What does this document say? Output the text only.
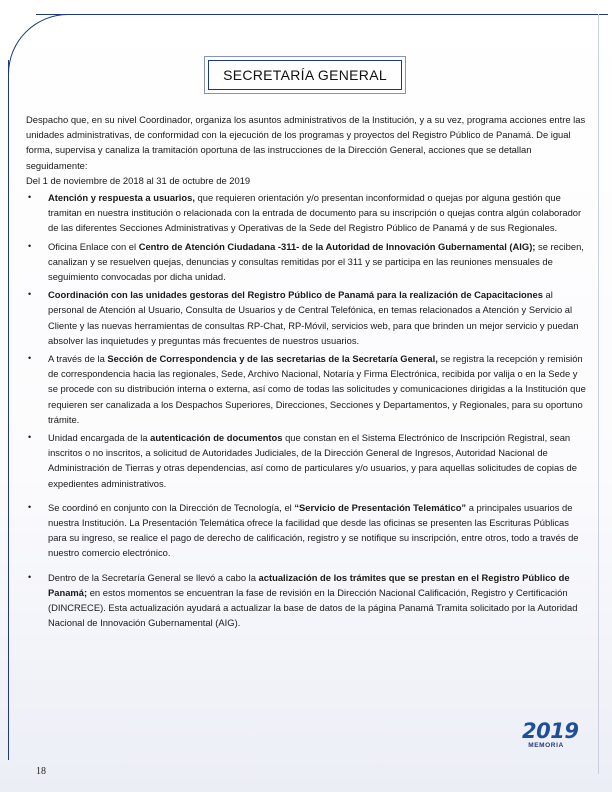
SECRETARÍA GENERAL

Despacho que, en su nivel Coordinador, organiza los asuntos administrativos de la Institución, y a su vez, programa acciones entre las unidades administrativas, de conformidad con la ejecución de los programas y proyectos del Registro Público de Panamá. De igual forma, supervisa y canaliza la tramitación oportuna de las instrucciones de la Dirección General, acciones que se detallan seguidamente:

Del 1 de noviembre de 2018 al 31 de octubre de 2019

• Atención y respuesta a usuarios, que requieren orientación y/o presentan inconformidad o quejas por alguna gestión que tramitan en nuestra institución o relacionada con la entrada de documento para su inscripción o quejas contra algún colaborador de las diferentes Secciones Administrativas y Operativas de la Sede del Registro Público de Panamá y de sus Regionales.
• Oficina Enlace con el Centro de Atención Ciudadana -311- de la Autoridad de Innovación Gubernamental (AIG); se reciben, canalizan y se resuelven quejas, denuncias y consultas remitidas por el 311 y se participa en las reuniones mensuales de seguimiento convocadas por dicha unidad.
• Coordinación con las unidades gestoras del Registro Público de Panamá para la realización de Capacitaciones al personal de Atención al Usuario, Consulta de Usuarios y de Central Telefónica, en temas relacionados a Atención y Servicio al Cliente y las nuevas herramientas de consultas RP-Chat, RP-Móvil, servicios web, para que brinden un mejor servicio y puedan absolver las inquietudes y preguntas más frecuentes de nuestros usuarios.
• A través de la Sección de Correspondencia y de las secretarias de la Secretaría General, se registra la recepción y remisión de correspondencia hacia las regionales, Sede, Archivo Nacional, Notaría y Firma Electrónica, recibida por valija o en la Sede y se procede con su distribución interna o externa, así como de todas las solicitudes y comunicaciones dirigidas a la Institución que requieren ser canalizada a los Despachos Superiores, Direcciones, Secciones y Departamentos, y Regionales, para su oportuno trámite.
• Unidad encargada de la autenticación de documentos que constan en el Sistema Electrónico de Inscripción Registral, sean inscritos o no inscritos, a solicitud de Autoridades Judiciales, de la Dirección General de Ingresos, Autoridad Nacional de Administración de Tierras y otras dependencias, así como de particulares y/o usuarios, y para aquellas solicitudes de copias de expedientes administrativos.
• Se coordinó en conjunto con la Dirección de Tecnología, el “Servicio de Presentación Telemático” a principales usuarios de nuestra Institución. La Presentación Telemática ofrece la facilidad que desde las oficinas se presenten las Escrituras Públicas para su ingreso, se realice el pago de derecho de calificación, registro y se notifique su inscripción, entre otros, todo a través de nuestro comercio electrónico.
• Dentro de la Secretaría General se llevó a cabo la actualización de los trámites que se prestan en el Registro Público de Panamá; en estos momentos se encuentran la fase de revisión en la Dirección Nacional Calificación, Registro y Certificación (DINCRECE). Esta actualización ayudará a actualizar la base de datos de la página Panamá Tramita solicitado por la Autoridad Nacional de Innovación Gubernamental (AIG).
2019
MEMORIA
18
